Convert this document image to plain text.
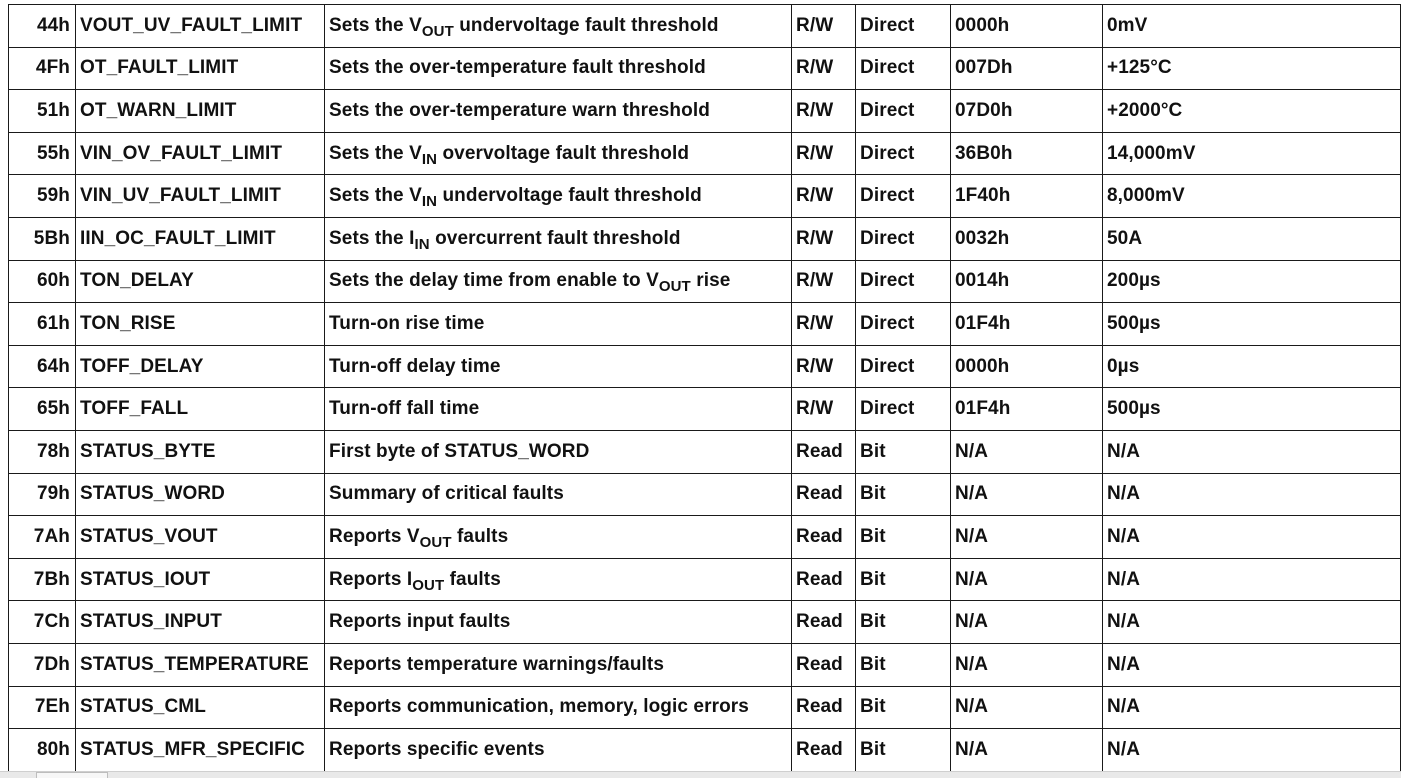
44h	VOUT_UV_FAULT_LIMIT	Sets the $V_{OUT}$ undervoltage fault threshold	R/W	Direct	0000h	0mV
4Fh	OT_FAULT_LIMIT	Sets the over-temperature fault threshold	R/W	Direct	007Dh	+125°C
51h	OT_WARN_LIMIT	Sets the over-temperature warn threshold	R/W	Direct	07D0h	+2000°C
55h	VIN_OV_FAULT_LIMIT	Sets the $V_{IN}$ overvoltage fault threshold	R/W	Direct	36B0h	14,000mV
59h	VIN_UV_FAULT_LIMIT	Sets the $V_{IN}$ undervoltage fault threshold	R/W	Direct	1F40h	8,000mV
5Bh	IIN_OC_FAULT_LIMIT	Sets the $I_{IN}$ overcurrent fault threshold	R/W	Direct	0032h	50A
60h	TON_DELAY	Sets the delay time from enable to $V_{OUT}$ rise	R/W	Direct	0014h	200µs
61h	TON_RISE	Turn-on rise time	R/W	Direct	01F4h	500µs
64h	TOFF_DELAY	Turn-off delay time	R/W	Direct	0000h	0µs
65h	TOFF_FALL	Turn-off fall time	R/W	Direct	01F4h	500µs
78h	STATUS_BYTE	First byte of STATUS_WORD	Read	Bit	N/A	N/A
79h	STATUS_WORD	Summary of critical faults	Read	Bit	N/A	N/A
7Ah	STATUS_VOUT	Reports $V_{OUT}$ faults	Read	Bit	N/A	N/A
7Bh	STATUS_IOUT	Reports $I_{OUT}$ faults	Read	Bit	N/A	N/A
7Ch	STATUS_INPUT	Reports input faults	Read	Bit	N/A	N/A
7Dh	STATUS_TEMPERATURE	Reports temperature warnings/faults	Read	Bit	N/A	N/A
7Eh	STATUS_CML	Reports communication, memory, logic errors	Read	Bit	N/A	N/A
80h	STATUS_MFR_SPECIFIC	Reports specific events	Read	Bit	N/A	N/A
